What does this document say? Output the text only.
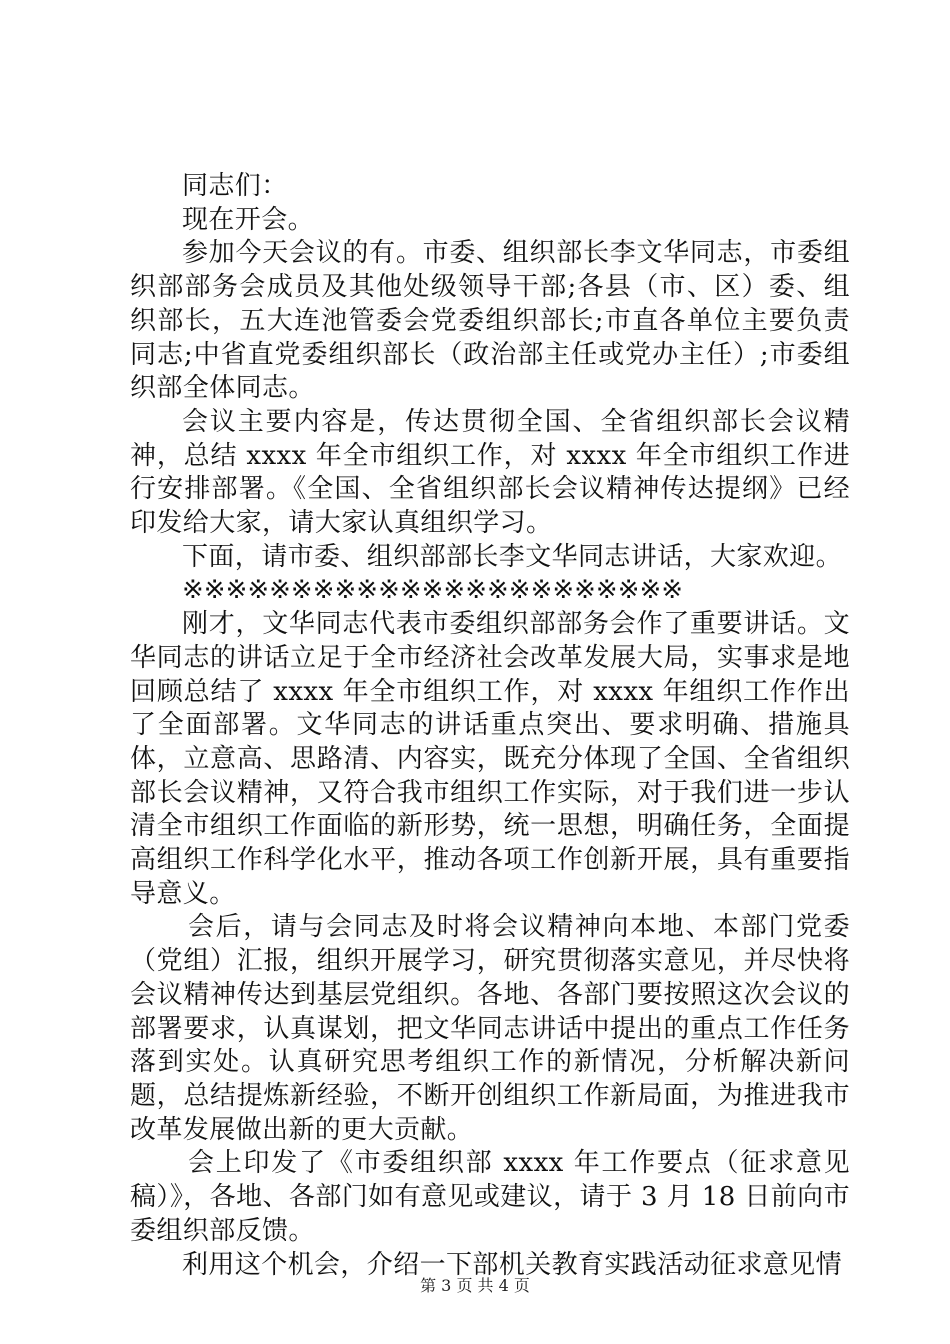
同志们：

现在开会。

参加今天会议的有。市委、组织部长李文华同志，市委组织部部务会成员及其他处级领导干部;各县（市、区）委、组织部长，五大连池管委会党委组织部长;市直各单位主要负责同志;中省直党委组织部长（政治部主任或党办主任）;市委组织部全体同志。

会议主要内容是，传达贯彻全国、全省组织部长会议精神，总结 xxxx 年全市组织工作，对 xxxx 年全市组织工作进行安排部署。《全国、全省组织部长会议精神传达提纲》已经印发给大家，请大家认真组织学习。

下面，请市委、组织部部长李文华同志讲话，大家欢迎。

※※※※※※※※※※※※※※※※※※※※※※※

刚才，文华同志代表市委组织部部务会作了重要讲话。文华同志的讲话立足于全市经济社会改革发展大局，实事求是地回顾总结了 xxxx 年全市组织工作，对 xxxx 年组织工作作出了全面部署。文华同志的讲话重点突出、要求明确、措施具体，立意高、思路清、内容实，既充分体现了全国、全省组织部长会议精神，又符合我市组织工作实际，对于我们进一步认清全市组织工作面临的新形势，统一思想，明确任务，全面提高组织工作科学化水平，推动各项工作创新开展，具有重要指导意义。

会后，请与会同志及时将会议精神向本地、本部门党委（党组）汇报，组织开展学习，研究贯彻落实意见，并尽快将会议精神传达到基层党组织。各地、各部门要按照这次会议的部署要求，认真谋划，把文华同志讲话中提出的重点工作任务落到实处。认真研究思考组织工作的新情况，分析解决新问题，总结提炼新经验，不断开创组织工作新局面，为推进我市改革发展做出新的更大贡献。

会上印发了《市委组织部 xxxx 年工作要点（征求意见稿）》，各地、各部门如有意见或建议，请于 3 月 18 日前向市委组织部反馈。

利用这个机会，介绍一下部机关教育实践活动征求意见情

第 3 页 共 4 页
